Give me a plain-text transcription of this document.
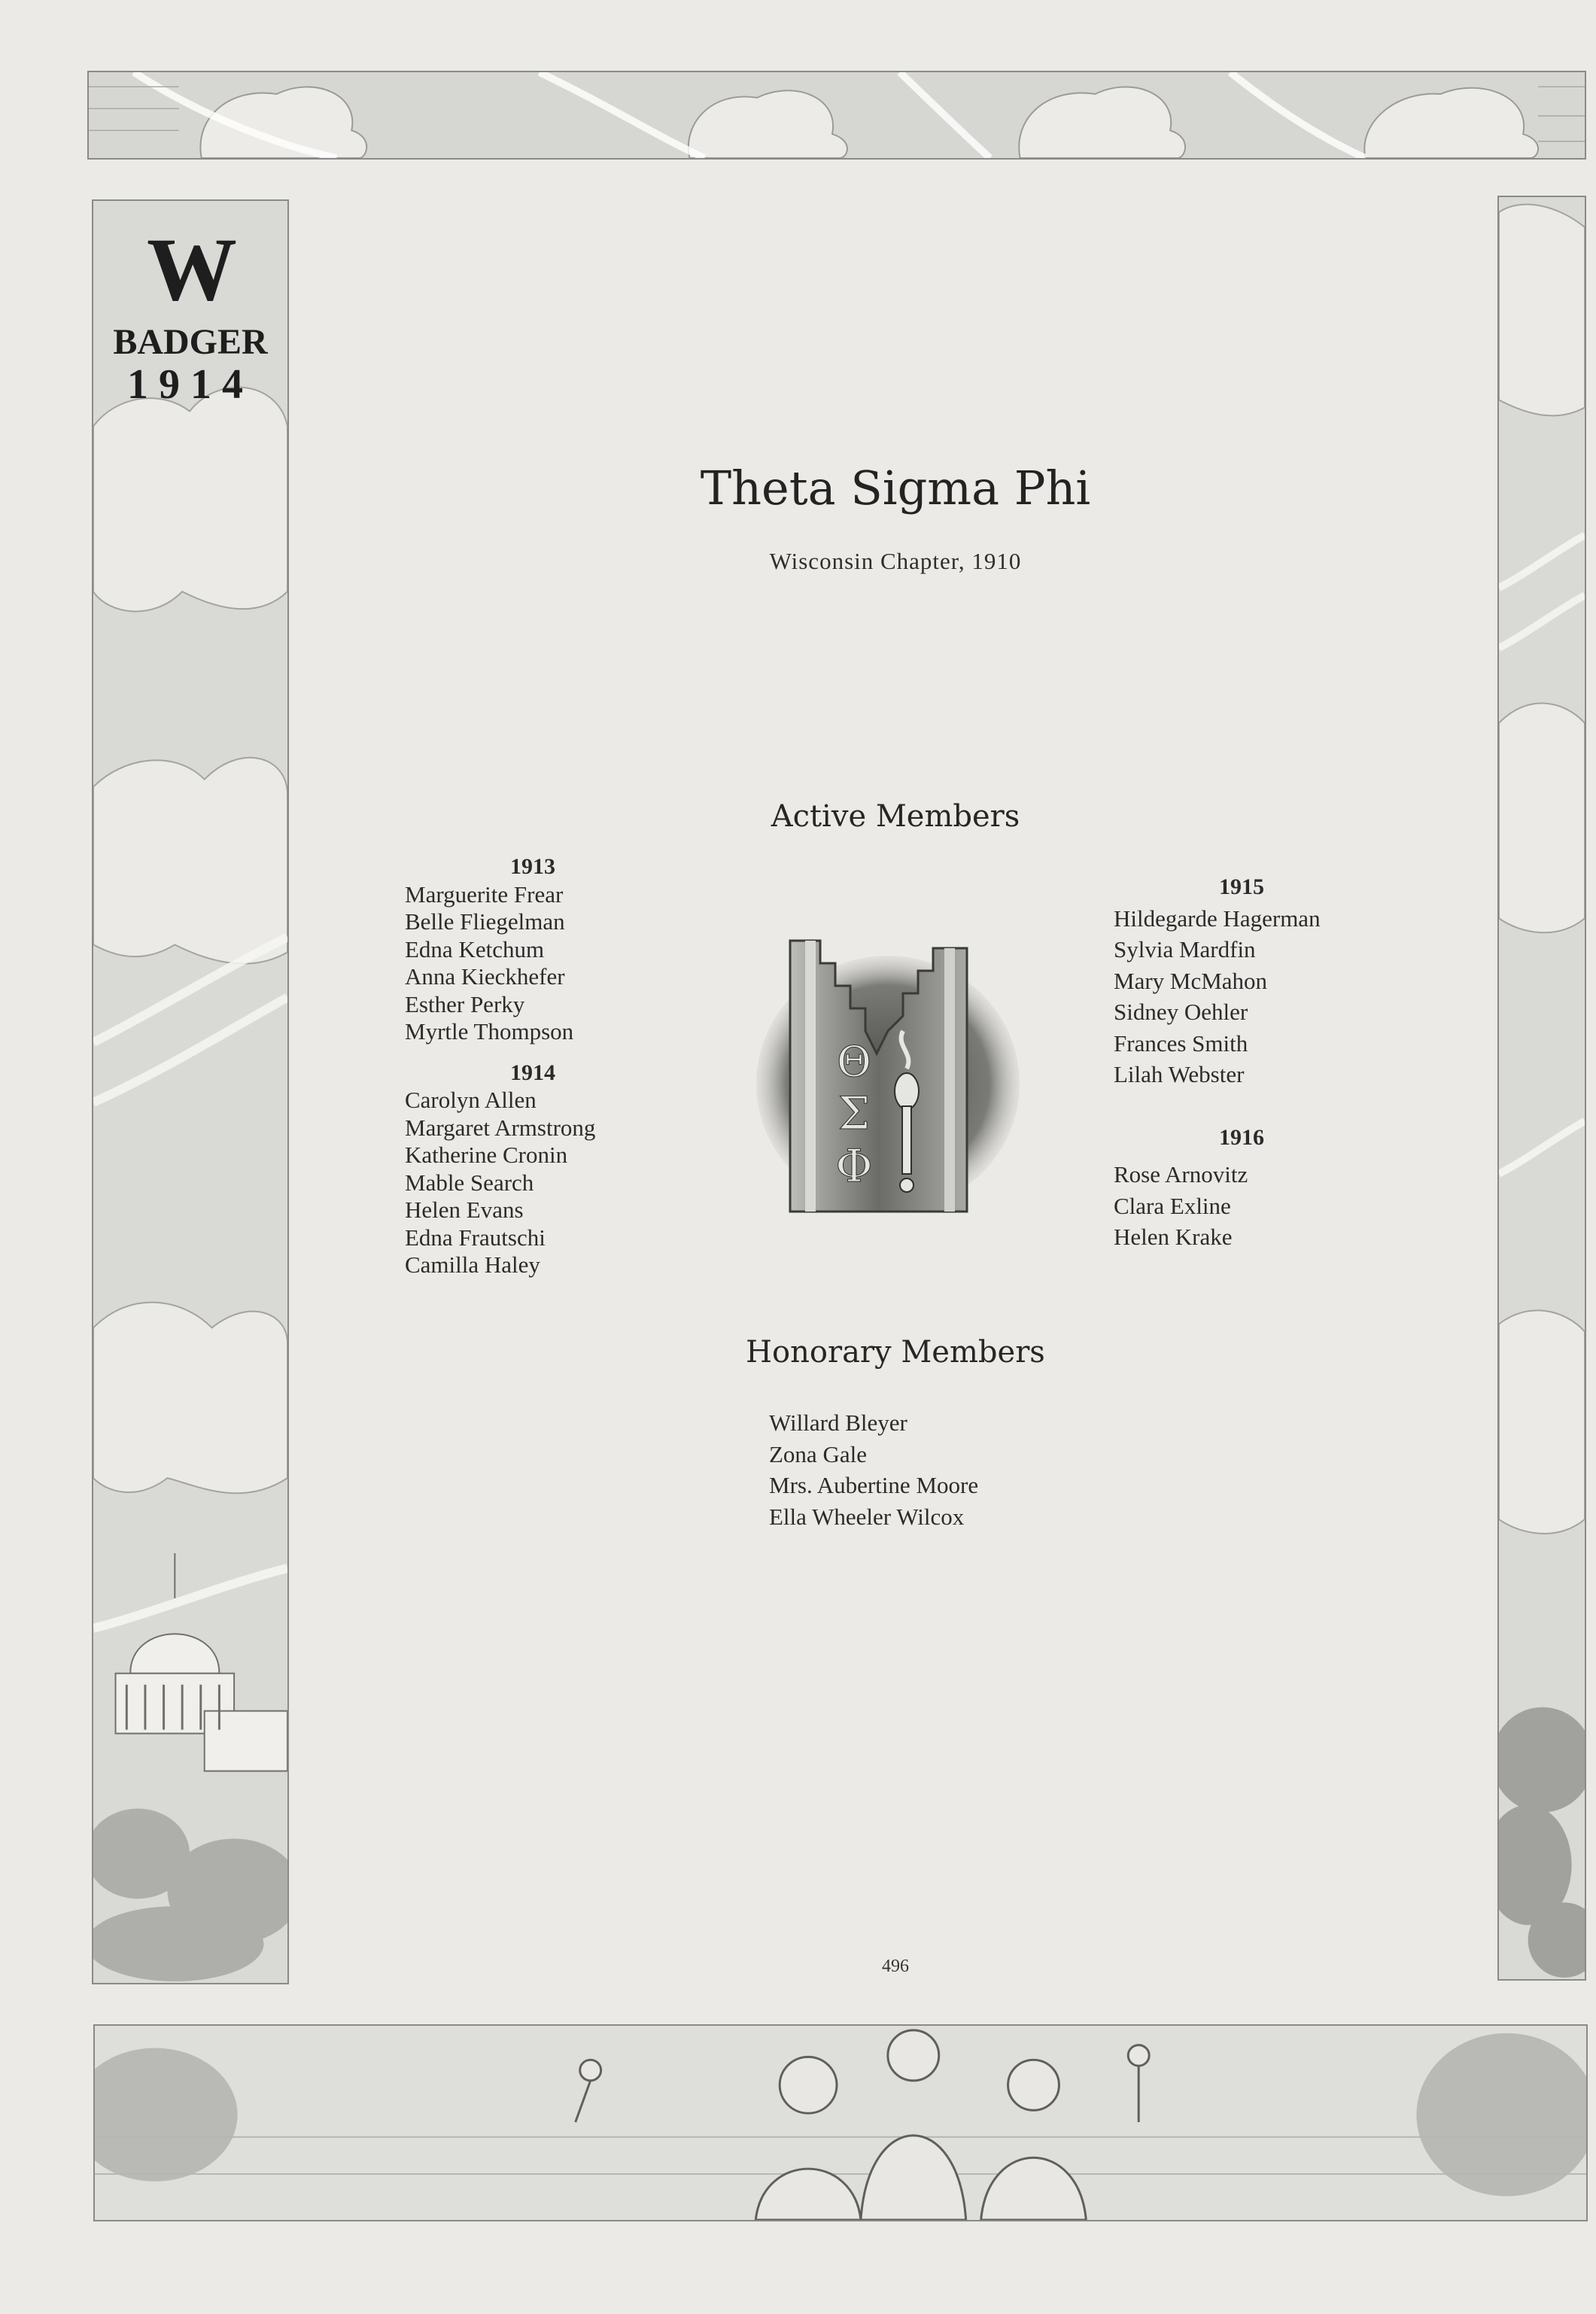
W
BADGER
1914
Theta Sigma Phi
Wisconsin Chapter, 1910
Active Members
1913
Marguerite Frear
Belle Fliegelman
Edna Ketchum
Anna Kieckhefer
Esther Perky
Myrtle Thompson
1914
Carolyn Allen
Margaret Armstrong
Katherine Cronin
Mable Search
Helen Evans
Edna Frautschi
Camilla Haley
Θ
Σ
Φ
1915
Hildegarde Hagerman
Sylvia Mardfin
Mary McMahon
Sidney Oehler
Frances Smith
Lilah Webster
1916
Rose Arnovitz
Clara Exline
Helen Krake
Honorary Members
Willard Bleyer
Zona Gale
Mrs. Aubertine Moore
Ella Wheeler Wilcox
496
